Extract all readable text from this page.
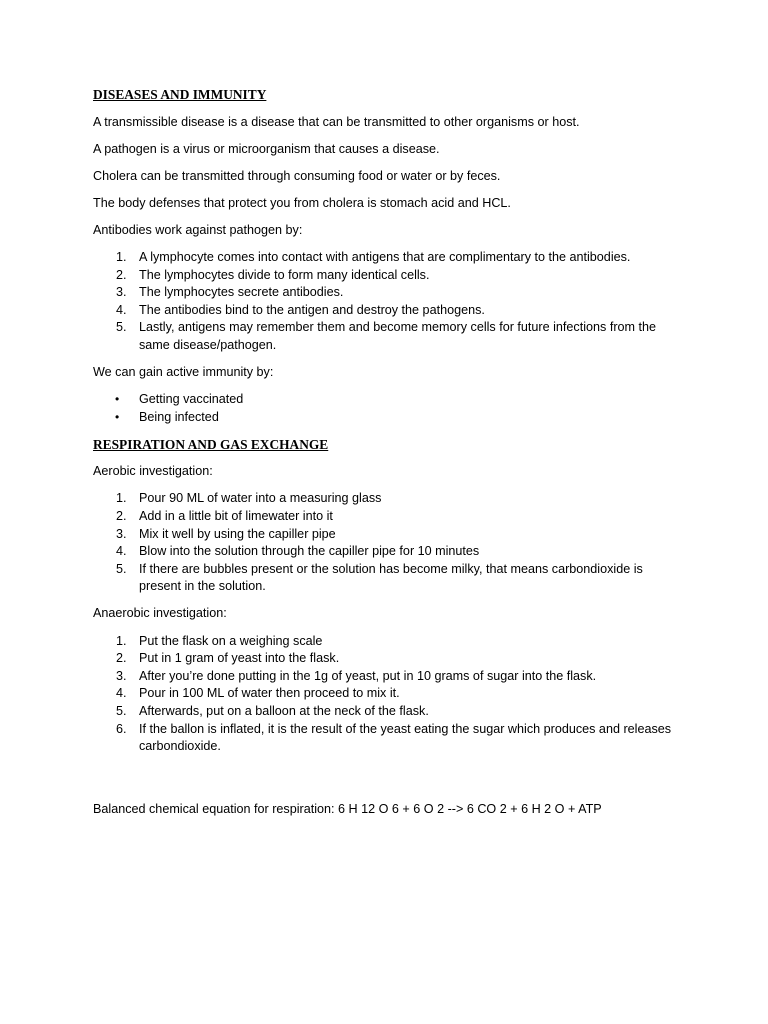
DISEASES AND IMMUNITY
A transmissible disease is a disease that can be transmitted to other organisms or host.
A pathogen is a virus or microorganism that causes a disease.
Cholera can be transmitted through consuming food or water or by feces.
The body defenses that protect you from cholera is stomach acid and HCL.
Antibodies work against pathogen by:
1. A lymphocyte comes into contact with antigens that are complimentary to the antibodies.
2. The lymphocytes divide to form many identical cells.
3. The lymphocytes secrete antibodies.
4. The antibodies bind to the antigen and destroy the pathogens.
5. Lastly, antigens may remember them and become memory cells for future infections from the same disease/pathogen.
We can gain active immunity by:
• Getting vaccinated
• Being infected
RESPIRATION AND GAS EXCHANGE
Aerobic investigation:
1. Pour 90 ML of water into a measuring glass
2. Add in a little bit of limewater into it
3. Mix it well by using the capiller pipe
4. Blow into the solution through the capiller pipe for 10 minutes
5. If there are bubbles present or the solution has become milky, that means carbondioxide is present in the solution.
Anaerobic investigation:
1. Put the flask on a weighing scale
2. Put in 1 gram of yeast into the flask.
3. After you’re done putting in the 1g of yeast, put in 10 grams of sugar into the flask.
4. Pour in 100 ML of water then proceed to mix it.
5. Afterwards, put on a balloon at the neck of the flask.
6. If the ballon is inflated, it is the result of the yeast eating the sugar which produces and releases carbondioxide.
Balanced chemical equation for respiration: 6 H 12 O 6 + 6 O 2 --> 6 CO 2 + 6 H 2 O + ATP
